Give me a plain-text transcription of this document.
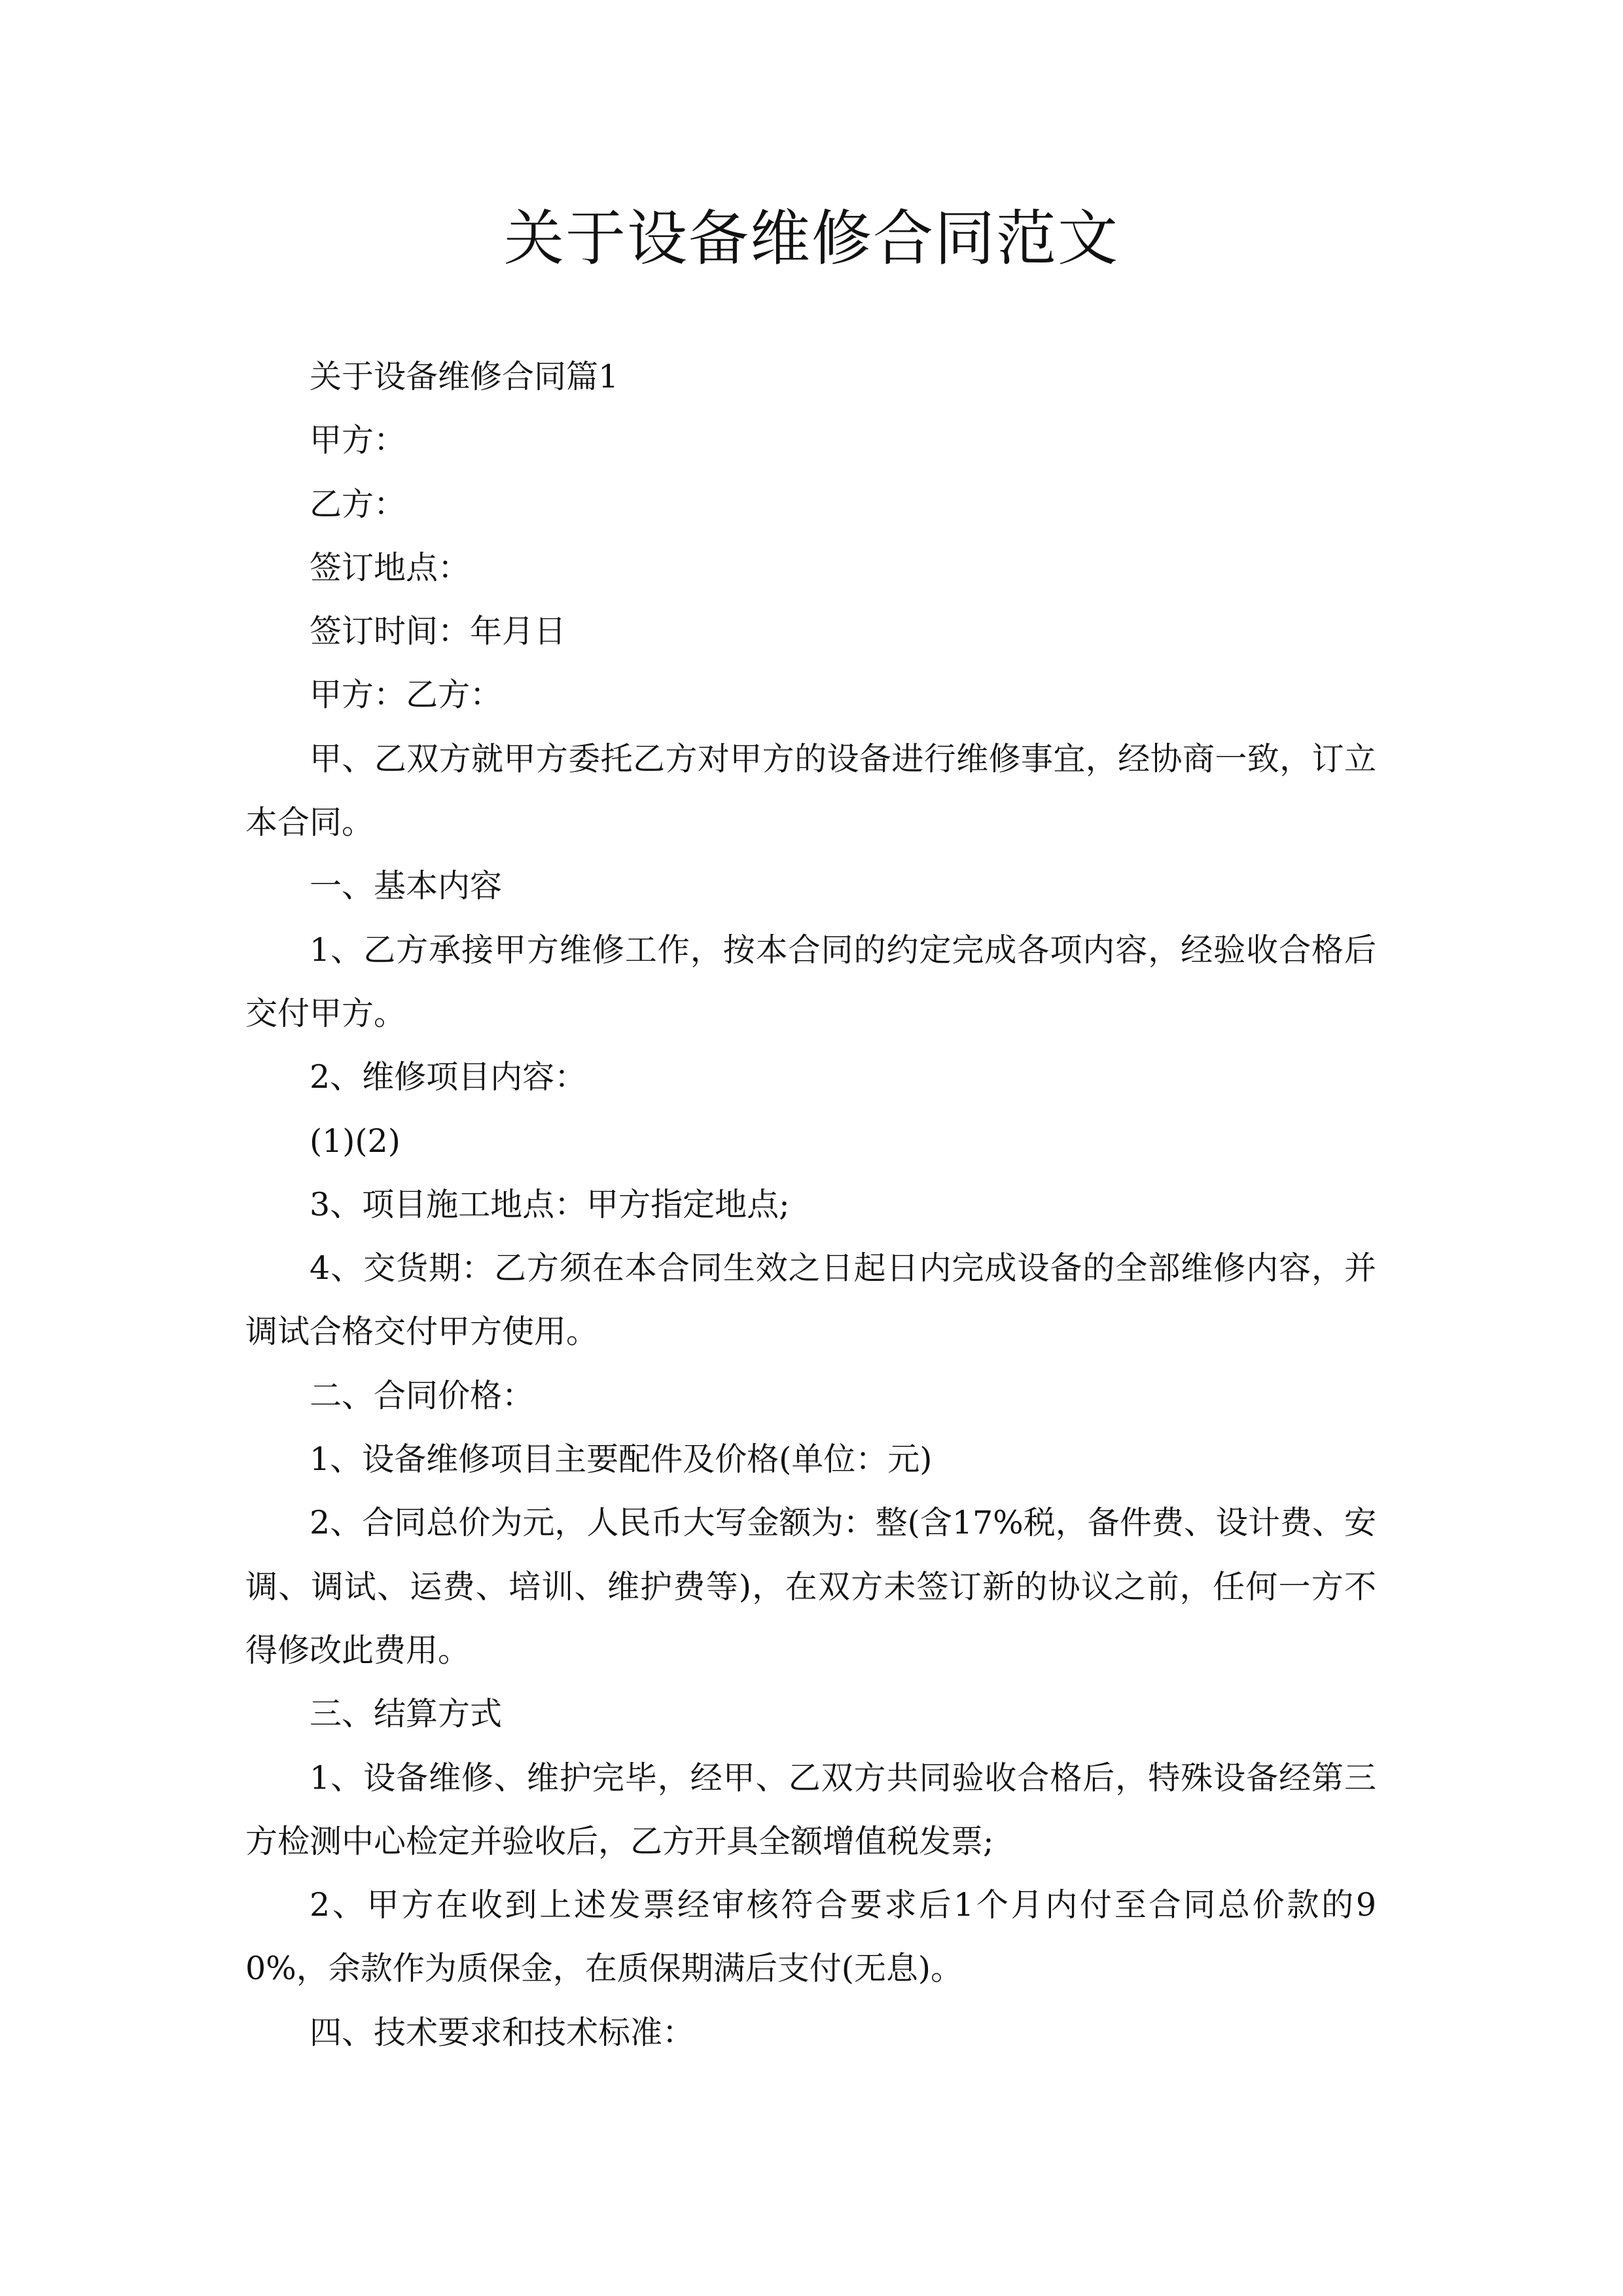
关于设备维修合同范文

关于设备维修合同篇1

甲方：

乙方：

签订地点：

签订时间：年月日

甲方：乙方：

甲、乙双方就甲方委托乙方对甲方的设备进行维修事宜，经协商一致，订立本合同。

一、基本内容

1、乙方承接甲方维修工作，按本合同的约定完成各项内容，经验收合格后交付甲方。

2、维修项目内容：

(1)(2)

3、项目施工地点：甲方指定地点;

4、交货期：乙方须在本合同生效之日起日内完成设备的全部维修内容，并调试合格交付甲方使用。

二、合同价格：

1、设备维修项目主要配件及价格(单位：元)

2、合同总价为元，人民币大写金额为：整(含17%税，备件费、设计费、安调、调试、运费、培训、维护费等)，在双方未签订新的协议之前，任何一方不得修改此费用。

三、结算方式

1、设备维修、维护完毕，经甲、乙双方共同验收合格后，特殊设备经第三方检测中心检定并验收后，乙方开具全额增值税发票;

2、甲方在收到上述发票经审核符合要求后1个月内付至合同总价款的90%，余款作为质保金，在质保期满后支付(无息)。

四、技术要求和技术标准：
